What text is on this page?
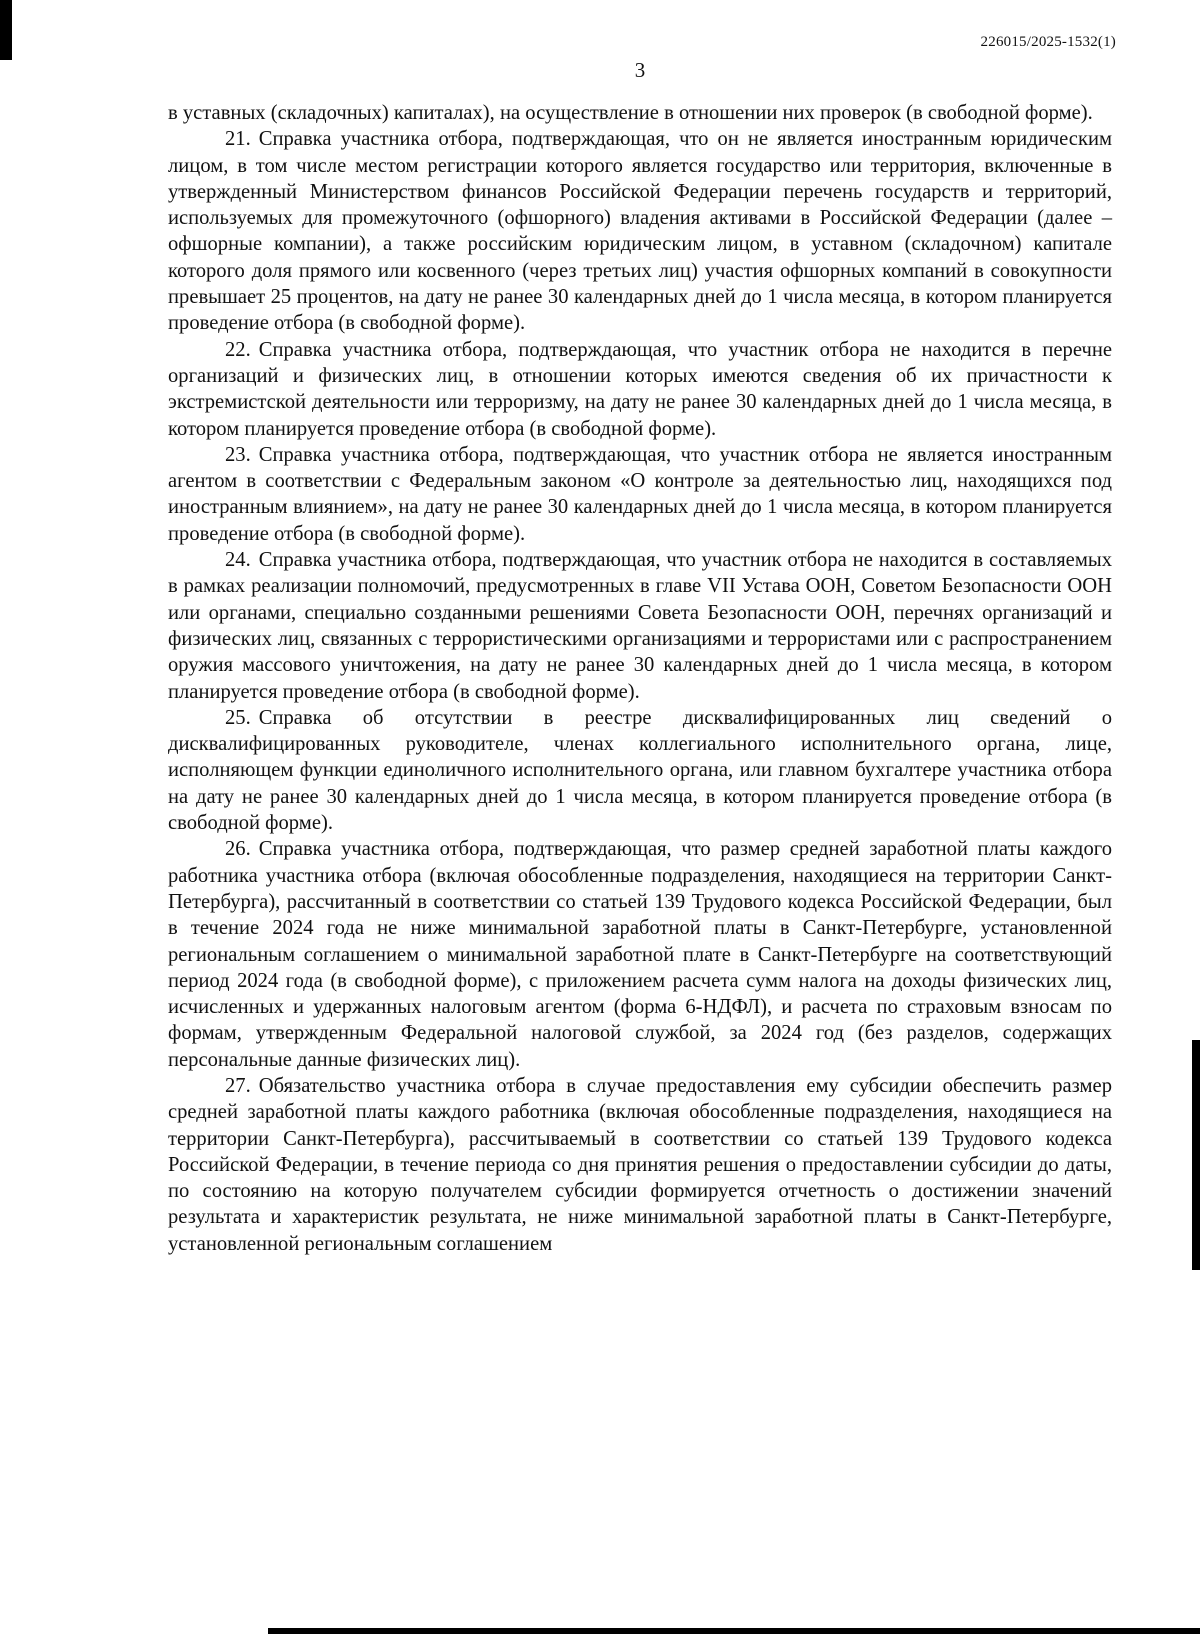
226015/2025-1532(1)
3

в уставных (складочных) капиталах), на осуществление в отношении них проверок (в свободной форме).

21. Справка участника отбора, подтверждающая, что он не является иностранным юридическим лицом, в том числе местом регистрации которого является государство или территория, включенные в утвержденный Министерством финансов Российской Федерации перечень государств и территорий, используемых для промежуточного (офшорного) владения активами в Российской Федерации (далее – офшорные компании), а также российским юридическим лицом, в уставном (складочном) капитале которого доля прямого или косвенного (через третьих лиц) участия офшорных компаний в совокупности превышает 25 процентов, на дату не ранее 30 календарных дней до 1 числа месяца, в котором планируется проведение отбора (в свободной форме).

22. Справка участника отбора, подтверждающая, что участник отбора не находится в перечне организаций и физических лиц, в отношении которых имеются сведения об их причастности к экстремистской деятельности или терроризму, на дату не ранее 30 календарных дней до 1 числа месяца, в котором планируется проведение отбора (в свободной форме).

23. Справка участника отбора, подтверждающая, что участник отбора не является иностранным агентом в соответствии с Федеральным законом «О контроле за деятельностью лиц, находящихся под иностранным влиянием», на дату не ранее 30 календарных дней до 1 числа месяца, в котором планируется проведение отбора (в свободной форме).

24. Справка участника отбора, подтверждающая, что участник отбора не находится в составляемых в рамках реализации полномочий, предусмотренных в главе VII Устава ООН, Советом Безопасности ООН или органами, специально созданными решениями Совета Безопасности ООН, перечнях организаций и физических лиц, связанных с террористическими организациями и террористами или с распространением оружия массового уничтожения, на дату не ранее 30 календарных дней до 1 числа месяца, в котором планируется проведение отбора (в свободной форме).

25. Справка об отсутствии в реестре дисквалифицированных лиц сведений о дисквалифицированных руководителе, членах коллегиального исполнительного органа, лице, исполняющем функции единоличного исполнительного органа, или главном бухгалтере участника отбора на дату не ранее 30 календарных дней до 1 числа месяца, в котором планируется проведение отбора (в свободной форме).

26. Справка участника отбора, подтверждающая, что размер средней заработной платы каждого работника участника отбора (включая обособленные подразделения, находящиеся на территории Санкт-Петербурга), рассчитанный в соответствии со статьей 139 Трудового кодекса Российской Федерации, был в течение 2024 года не ниже минимальной заработной платы в Санкт-Петербурге, установленной региональным соглашением о минимальной заработной плате в Санкт-Петербурге на соответствующий период 2024 года (в свободной форме), с приложением расчета сумм налога на доходы физических лиц, исчисленных и удержанных налоговым агентом (форма 6-НДФЛ), и расчета по страховым взносам по формам, утвержденным Федеральной налоговой службой, за 2024 год (без разделов, содержащих персональные данные физических лиц).

27. Обязательство участника отбора в случае предоставления ему субсидии обеспечить размер средней заработной платы каждого работника (включая обособленные подразделения, находящиеся на территории Санкт-Петербурга), рассчитываемый в соответствии со статьей 139 Трудового кодекса Российской Федерации, в течение периода со дня принятия решения о предоставлении субсидии до даты, по состоянию на которую получателем субсидии формируется отчетность о достижении значений результата и характеристик результата, не ниже минимальной заработной платы в Санкт-Петербурге, установленной региональным соглашением
